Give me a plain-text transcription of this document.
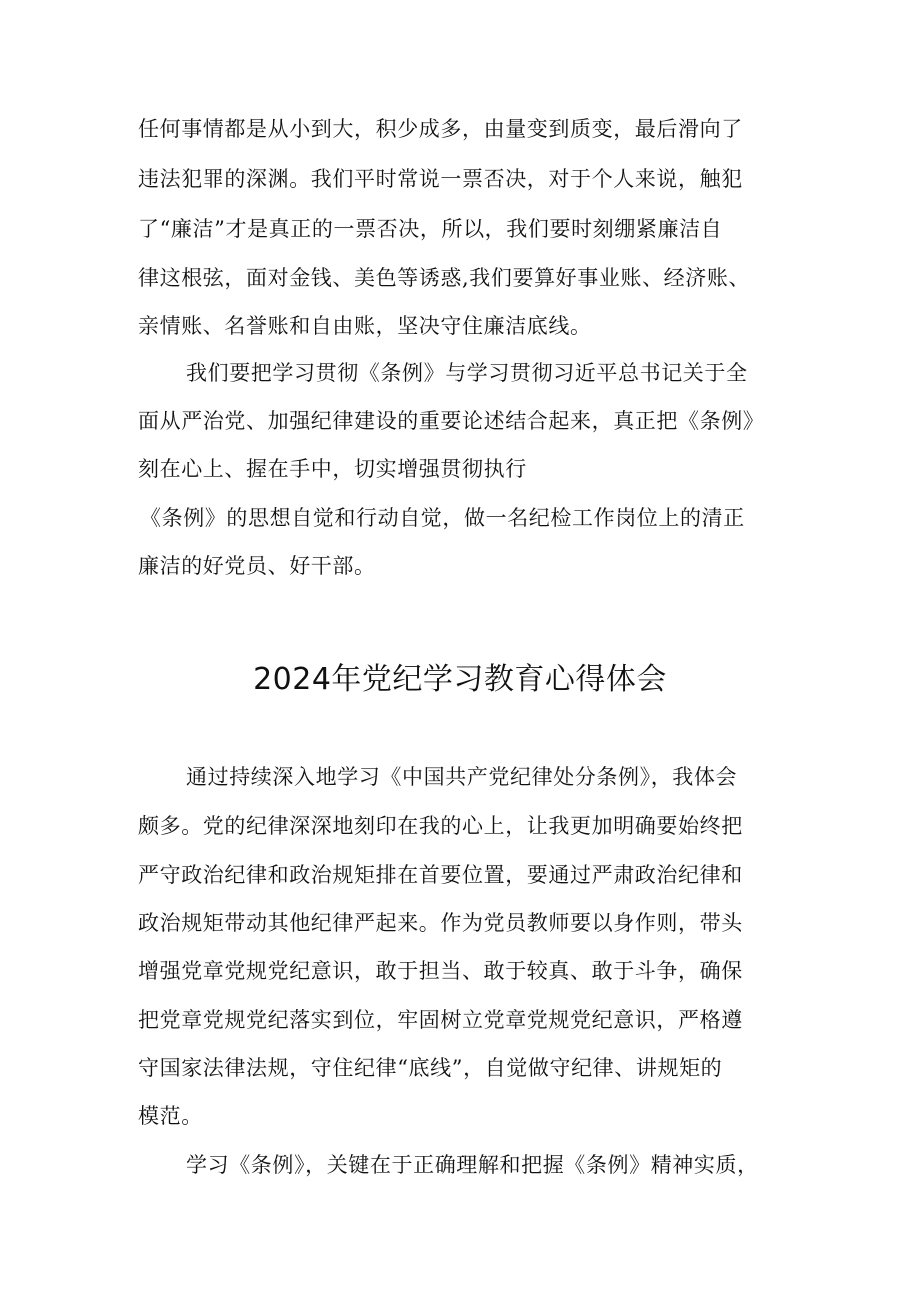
任何事情都是从小到大，积少成多，由量变到质变，最后滑向了
违法犯罪的深渊。我们平时常说一票否决，对于个人来说，触犯
了“廉洁”才是真正的一票否决，所以，我们要时刻绷紧廉洁自
律这根弦，面对金钱、美色等诱惑,我们要算好事业账、经济账、
亲情账、名誉账和自由账，坚决守住廉洁底线。
我们要把学习贯彻《条例》与学习贯彻习近平总书记关于全
面从严治党、加强纪律建设的重要论述结合起来，真正把《条例》
刻在心上、握在手中，切实增强贯彻执行
《条例》的思想自觉和行动自觉，做一名纪检工作岗位上的清正
廉洁的好党员、好干部。
2024年党纪学习教育心得体会
通过持续深入地学习《中国共产党纪律处分条例》，我体会
颇多。党的纪律深深地刻印在我的心上，让我更加明确要始终把
严守政治纪律和政治规矩排在首要位置，要通过严肃政治纪律和
政治规矩带动其他纪律严起来。作为党员教师要以身作则，带头
增强党章党规党纪意识，敢于担当、敢于较真、敢于斗争，确保
把党章党规党纪落实到位，牢固树立党章党规党纪意识，严格遵
守国家法律法规，守住纪律“底线”，自觉做守纪律、讲规矩的
模范。
学习《条例》，关键在于正确理解和把握《条例》精神实质，
